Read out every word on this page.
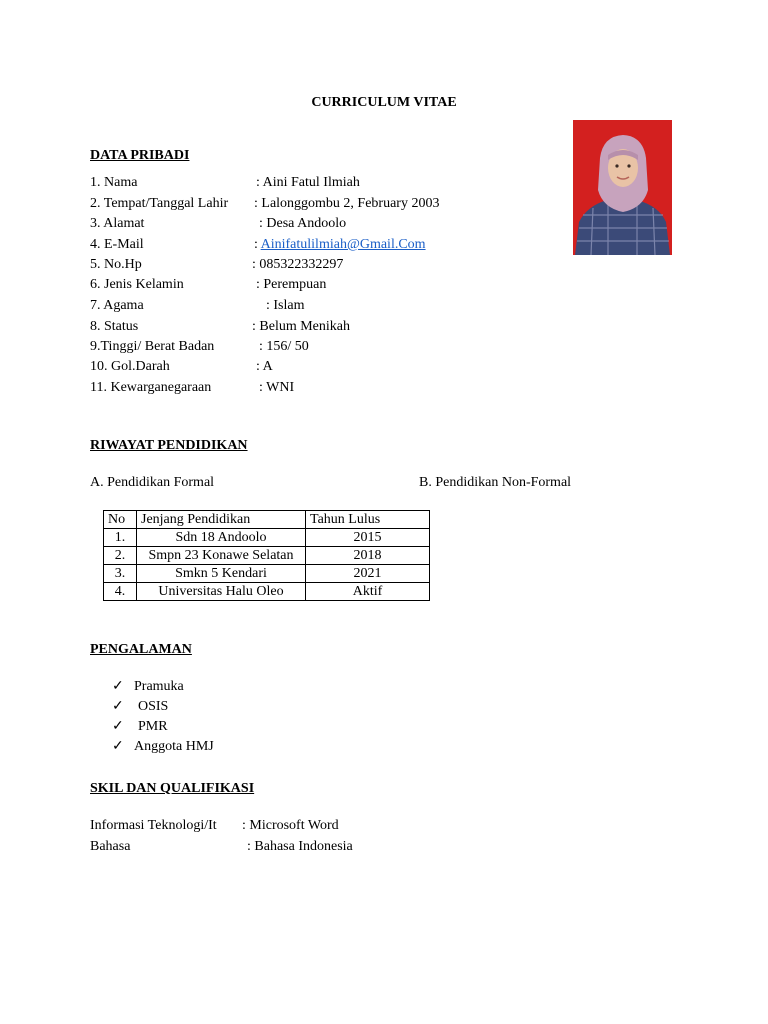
CURRICULUM VITAE
DATA PRIBADI
1. Nama	: Aini Fatul Ilmiah
2. Tempat/Tanggal Lahir : Lalonggombu 2, February 2003
3. Alamat	: Desa Andoolo
4. E-Mail	: Ainifatulilmiah@Gmail.Com
5. No.Hp	: 085322332297
6. Jenis Kelamin	: Perempuan
7. Agama	: Islam
8. Status	: Belum Menikah
9.Tinggi/ Berat Badan	: 156/ 50
10. Gol.Darah	: A
11. Kewarganegaraan	: WNI
RIWAYAT PENDIDIKAN
A. Pendidikan Formal	B. Pendidikan Non-Formal
No	Jenjang Pendidikan	Tahun Lulus
1.	Sdn 18 Andoolo	2015
2.	Smpn 23 Konawe Selatan	2018
3.	Smkn 5 Kendari	2021
4.	Universitas Halu Oleo	Aktif
PENGALAMAN
✓ Pramuka
✓ OSIS
✓ PMR
✓ Anggota HMJ
SKIL DAN QUALIFIKASI
Informasi Teknologi/It : Microsoft Word
Bahasa	: Bahasa Indonesia
